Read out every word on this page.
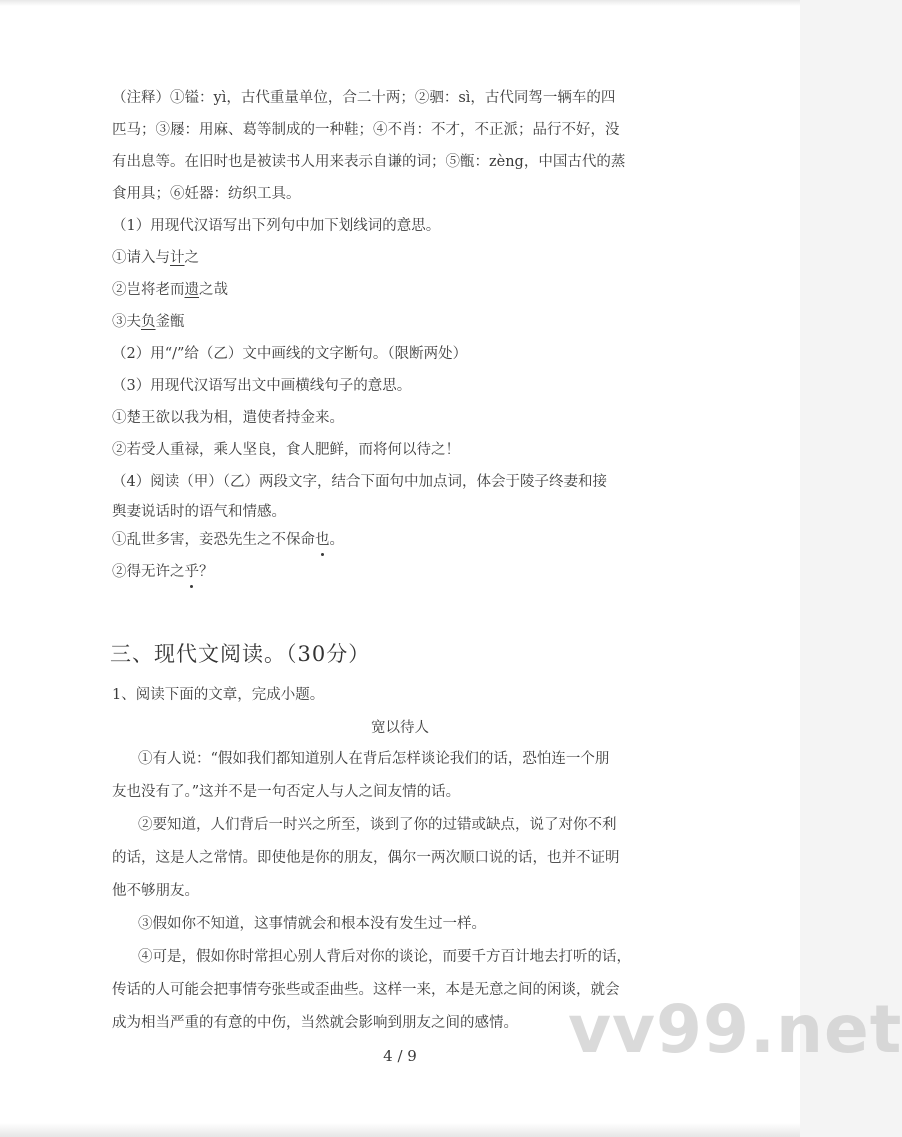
（注释）①镒：yì，古代重量单位，合二十两；②驷：sì，古代同驾一辆车的四
匹马；③屦：用麻、葛等制成的一种鞋；④不肖：不才，不正派；品行不好，没
有出息等。在旧时也是被读书人用来表示自谦的词；⑤甑：zèng，中国古代的蒸
食用具；⑥妊器：纺织工具。
（1）用现代汉语写出下列句中加下划线词的意思。
①请入与计之
②岂将老而遗之哉
③夫负釜甑
（2）用“/”给（乙）文中画线的文字断句。（限断两处）
（3）用现代汉语写出文中画横线句子的意思。
①楚王欲以我为相，遣使者持金来。
②若受人重禄，乘人坚良，食人肥鲜，而将何以待之！
（4）阅读（甲）（乙）两段文字，结合下面句中加点词，体会于陵子终妻和接
舆妻说话时的语气和情感。
①乱世多害，妾恐先生之不保命也。
②得无许之乎？
三、现代文阅读。（30分）
1、阅读下面的文章，完成小题。
宽以待人
①有人说：“假如我们都知道别人在背后怎样谈论我们的话，恐怕连一个朋
友也没有了。”这并不是一句否定人与人之间友情的话。
②要知道，人们背后一时兴之所至，谈到了你的过错或缺点，说了对你不利
的话，这是人之常情。即使他是你的朋友，偶尔一两次顺口说的话，也并不证明
他不够朋友。
③假如你不知道，这事情就会和根本没有发生过一样。
④可是，假如你时常担心别人背后对你的谈论，而要千方百计地去打听的话，
传话的人可能会把事情夸张些或歪曲些。这样一来，本是无意之间的闲谈，就会
成为相当严重的有意的中伤，当然就会影响到朋友之间的感情。 vv99.net
4 / 9
